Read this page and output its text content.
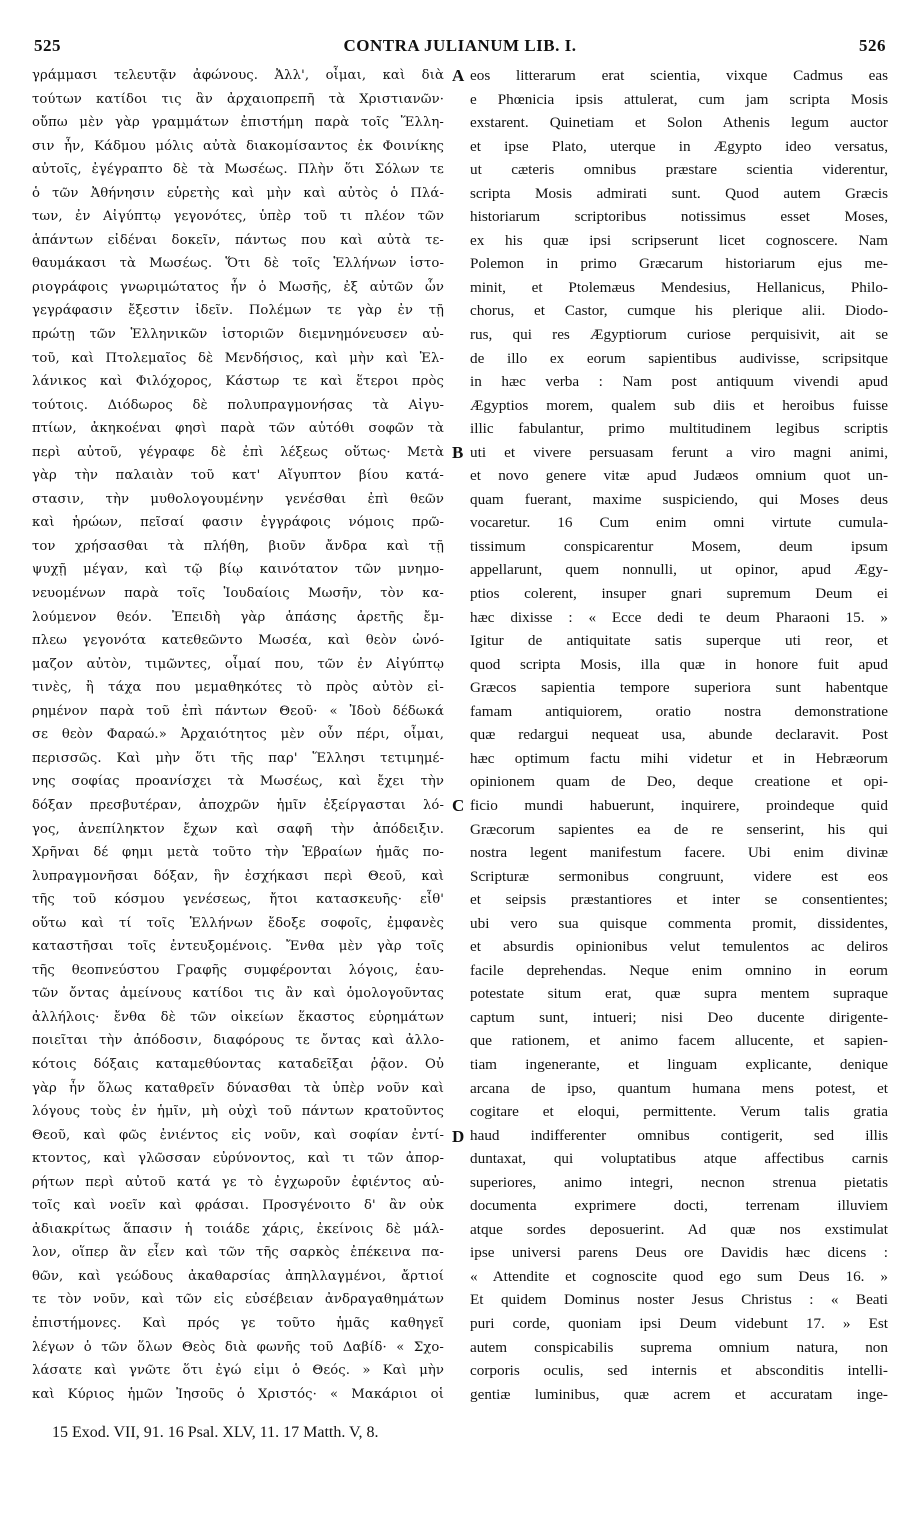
CONTRA JULIANUM LIB. I.
525	526
γράμμασι τελευτᾷν ἀφώνους. Ἀλλ', οἶμαι, καὶ διὰ
τούτων κατίδοι τις ἂν ἀρχαιοπρεπῆ τὰ Χριστιανῶν·
οὔπω μὲν γὰρ γραμμάτων ἐπιστήμη παρὰ τοῖς Ἕλλη-
σιν ἦν, Κάδμου μόλις αὐτὰ διακομίσαντος ἐκ Φοινίκης
αὐτοῖς, ἐγέγραπτο δὲ τὰ Μωσέως. Πλὴν ὅτι Σόλων τε
ὁ τῶν Ἀθήνησιν εὑρετὴς καὶ μὴν καὶ αὐτὸς ὁ Πλά-
των, ἐν Αἰγύπτῳ γεγονότες, ὑπὲρ τοῦ τι πλέον τῶν
ἁπάντων εἰδέναι δοκεῖν, πάντως που καὶ αὐτὰ τε-
θαυμάκασι τὰ Μωσέως. Ὅτι δὲ τοῖς Ἑλλήνων ἱστο-
ριογράφοις γνωριμώτατος ἦν ὁ Μωσῆς, ἐξ αὐτῶν ὧν
γεγράφασιν ἔξεστιν ἰδεῖν. Πολέμων τε γὰρ ἐν τῇ
πρώτῃ τῶν Ἑλληνικῶν ἱστοριῶν διεμνημόνευσεν αὐ-
τοῦ, καὶ Πτολεμαῖος δὲ Μενδήσιος, καὶ μὴν καὶ Ἑλ-
λάνικος καὶ Φιλόχορος, Κάστωρ τε καὶ ἕτεροι πρὸς
τούτοις. Διόδωρος δὲ πολυπραγμονήσας τὰ Αἰγυ-
πτίων, ἀκηκοέναι φησὶ παρὰ τῶν αὐτόθι σοφῶν τὰ
περὶ αὐτοῦ, γέγραφε δὲ ἐπὶ λέξεως οὕτως· Μετὰ
γὰρ τὴν παλαιὰν τοῦ κατ' Αἴγυπτον βίου κατά-
στασιν, τὴν μυθολογουμένην γενέσθαι ἐπὶ θεῶν
καὶ ἡρώων, πεῖσαί φασιν ἐγγράφοις νόμοις πρῶ-
τον χρήσασθαι τὰ πλήθη, βιοῦν ἄνδρα καὶ τῇ
ψυχῇ μέγαν, καὶ τῷ βίῳ καινότατον τῶν μνημο-
νευομένων παρὰ τοῖς Ἰουδαίοις Μωσῆν, τὸν κα-
λούμενον θεόν. Ἐπειδὴ γὰρ ἁπάσης ἀρετῆς ἔμ-
πλεω γεγονότα κατεθεῶντο Μωσέα, καὶ θεὸν ὠνό-
μαζον αὐτὸν, τιμῶντες, οἶμαί που, τῶν ἐν Αἰγύπτῳ
τινὲς, ἢ τάχα που μεμαθηκότες τὸ πρὸς αὐτὸν εἰ-
ρημένον παρὰ τοῦ ἐπὶ πάντων Θεοῦ· « Ἰδοὺ δέδωκά
σε θεὸν Φαραώ.» Ἀρχαιότητος μὲν οὖν πέρι, οἶμαι,
περισσῶς. Καὶ μὴν ὅτι τῆς παρ' Ἕλλησι τετιμημέ-
νης σοφίας προανίσχει τὰ Μωσέως, καὶ ἔχει τὴν
δόξαν πρεσβυτέραν, ἀποχρῶν ἡμῖν ἐξείργασται λό-
γος, ἀνεπίληκτον ἔχων καὶ σαφῆ τὴν ἀπόδειξιν.
Χρῆναι δέ φημι μετὰ τοῦτο τὴν Ἑβραίων ἡμᾶς πο-
λυπραγμονῆσαι δόξαν, ἣν ἐσχήκασι περὶ Θεοῦ, καὶ
τῆς τοῦ κόσμου γενέσεως, ἤτοι κατασκευῆς· εἶθ'
οὕτω καὶ τί τοῖς Ἑλλήνων ἔδοξε σοφοῖς, ἐμφανὲς
καταστῆσαι τοῖς ἐντευξομένοις. Ἔνθα μὲν γὰρ τοῖς
τῆς θεοπνεύστου Γραφῆς συμφέρονται λόγοις, ἑαυ-
τῶν ὄντας ἀμείνους κατίδοι τις ἂν καὶ ὁμολογοῦντας
ἀλλήλοις· ἔνθα δὲ τῶν οἰκείων ἕκαστος εὑρημάτων
ποιεῖται τὴν ἀπόδοσιν, διαφόρους τε ὄντας καὶ ἀλλο-
κότοις δόξαις καταμεθύοντας καταδεῖξαι ῥᾷον. Οὐ
γὰρ ἦν ὅλως καταθρεῖν δύνασθαι τὰ ὑπὲρ νοῦν καὶ
λόγους τοὺς ἐν ἡμῖν, μὴ οὐχὶ τοῦ πάντων κρατοῦντος
Θεοῦ, καὶ φῶς ἐνιέντος εἰς νοῦν, καὶ σοφίαν ἐντί-
κτοντος, καὶ γλῶσσαν εὐρύνοντος, καὶ τι τῶν ἀπορ-
ρήτων περὶ αὐτοῦ κατά γε τὸ ἐγχωροῦν ἐφιέντος αὐ-
τοῖς καὶ νοεῖν καὶ φράσαι. Προσγένοιτο δ' ἂν οὐκ
ἀδιακρίτως ἅπασιν ἡ τοιάδε χάρις, ἐκείνοις δὲ μάλ-
λον, οἵπερ ἂν εἶεν καὶ τῶν τῆς σαρκὸς ἐπέκεινα πα-
θῶν, καὶ γεώδους ἀκαθαρσίας ἀπηλλαγμένοι, ἄρτιοί
τε τὸν νοῦν, καὶ τῶν εἰς εὐσέβειαν ἀνδραγαθημάτων
ἐπιστήμονες. Καὶ πρός γε τοῦτο ἡμᾶς καθηγεῖ
λέγων ὁ τῶν ὅλων Θεὸς διὰ φωνῆς τοῦ Δαβίδ· « Σχο-
λάσατε καὶ γνῶτε ὅτι ἐγώ εἰμι ὁ Θεός. » Καὶ μὴν
καὶ Κύριος ἡμῶν Ἰησοῦς ὁ Χριστός· « Μακάριοι οἱ
A
B
C
D
eos litterarum erat scientia, vixque Cadmus eas
e Phœnicia ipsis attulerat, cum jam scripta Mosis
exstarent. Quinetiam et Solon Athenis legum auctor
et ipse Plato, uterque in Ægypto ideo versatus,
ut cæteris omnibus præstare scientia viderentur,
scripta Mosis admirati sunt. Quod autem Græcis
historiarum scriptoribus notissimus esset Moses,
ex his quæ ipsi scripserunt licet cognoscere. Nam
Polemon in primo Græcarum historiarum ejus me-
minit, et Ptolemæus Mendesius, Hellanicus, Philo-
chorus, et Castor, cumque his plerique alii. Diodo-
rus, qui res Ægyptiorum curiose perquisivit, ait se
de illo ex eorum sapientibus audivisse, scripsitque
in hæc verba : Nam post antiquum vivendi apud
Ægyptios morem, qualem sub diis et heroibus fuisse
illic fabulantur, primo multitudinem legibus scriptis
uti et vivere persuasam ferunt a viro magni animi,
et novo genere vitæ apud Judæos omnium quot un-
quam fuerant, maxime suspiciendo, qui Moses deus
vocaretur. 16 Cum enim omni virtute cumula-
tissimum conspicarentur Mosem, deum ipsum
appellarunt, quem nonnulli, ut opinor, apud Ægy-
ptios colerent, insuper gnari supremum Deum ei
hæc dixisse : « Ecce dedi te deum Pharaoni 15. »
Igitur de antiquitate satis superque uti reor, et
quod scripta Mosis, illa quæ in honore fuit apud
Græcos sapientia tempore superiora sunt habentque
famam antiquiorem, oratio nostra demonstratione
quæ redargui nequeat usa, abunde declaravit. Post
hæc optimum factu mihi videtur et in Hebræorum
opinionem quam de Deo, deque creatione et opi-
ficio mundi habuerunt, inquirere, proindeque quid
Græcorum sapientes ea de re senserint, his qui
nostra legent manifestum facere. Ubi enim divinæ
Scripturæ sermonibus congruunt, videre est eos
et seipsis præstantiores et inter se consentientes;
ubi vero sua quisque commenta promit, dissidentes,
et absurdis opinionibus velut temulentos ac deliros
facile deprehendas. Neque enim omnino in eorum
potestate situm erat, quæ supra mentem supraque
captum sunt, intueri; nisi Deo ducente dirigente-
que rationem, et animo facem allucente, et sapien-
tiam ingenerante, et linguam explicante, denique
arcana de ipso, quantum humana mens potest, et
cogitare et eloqui, permittente. Verum talis gratia
haud indifferenter omnibus contigerit, sed illis
duntaxat, qui voluptatibus atque affectibus carnis
superiores, animo integri, necnon strenua pietatis
documenta exprimere docti, terrenam illuviem
atque sordes deposuerint. Ad quæ nos exstimulat
ipse universi parens Deus ore Davidis hæc dicens :
« Attendite et cognoscite quod ego sum Deus 16. »
Et quidem Dominus noster Jesus Christus : « Beati
puri corde, quoniam ipsi Deum videbunt 17. » Est
autem conspicabilis suprema omnium natura, non
corporis oculis, sed internis et absconditis intelli-
gentiæ luminibus, quæ acrem et accuratam inge-
15 Exod. VII, 91. 16 Psal. XLV, 11. 17 Matth. V, 8.
